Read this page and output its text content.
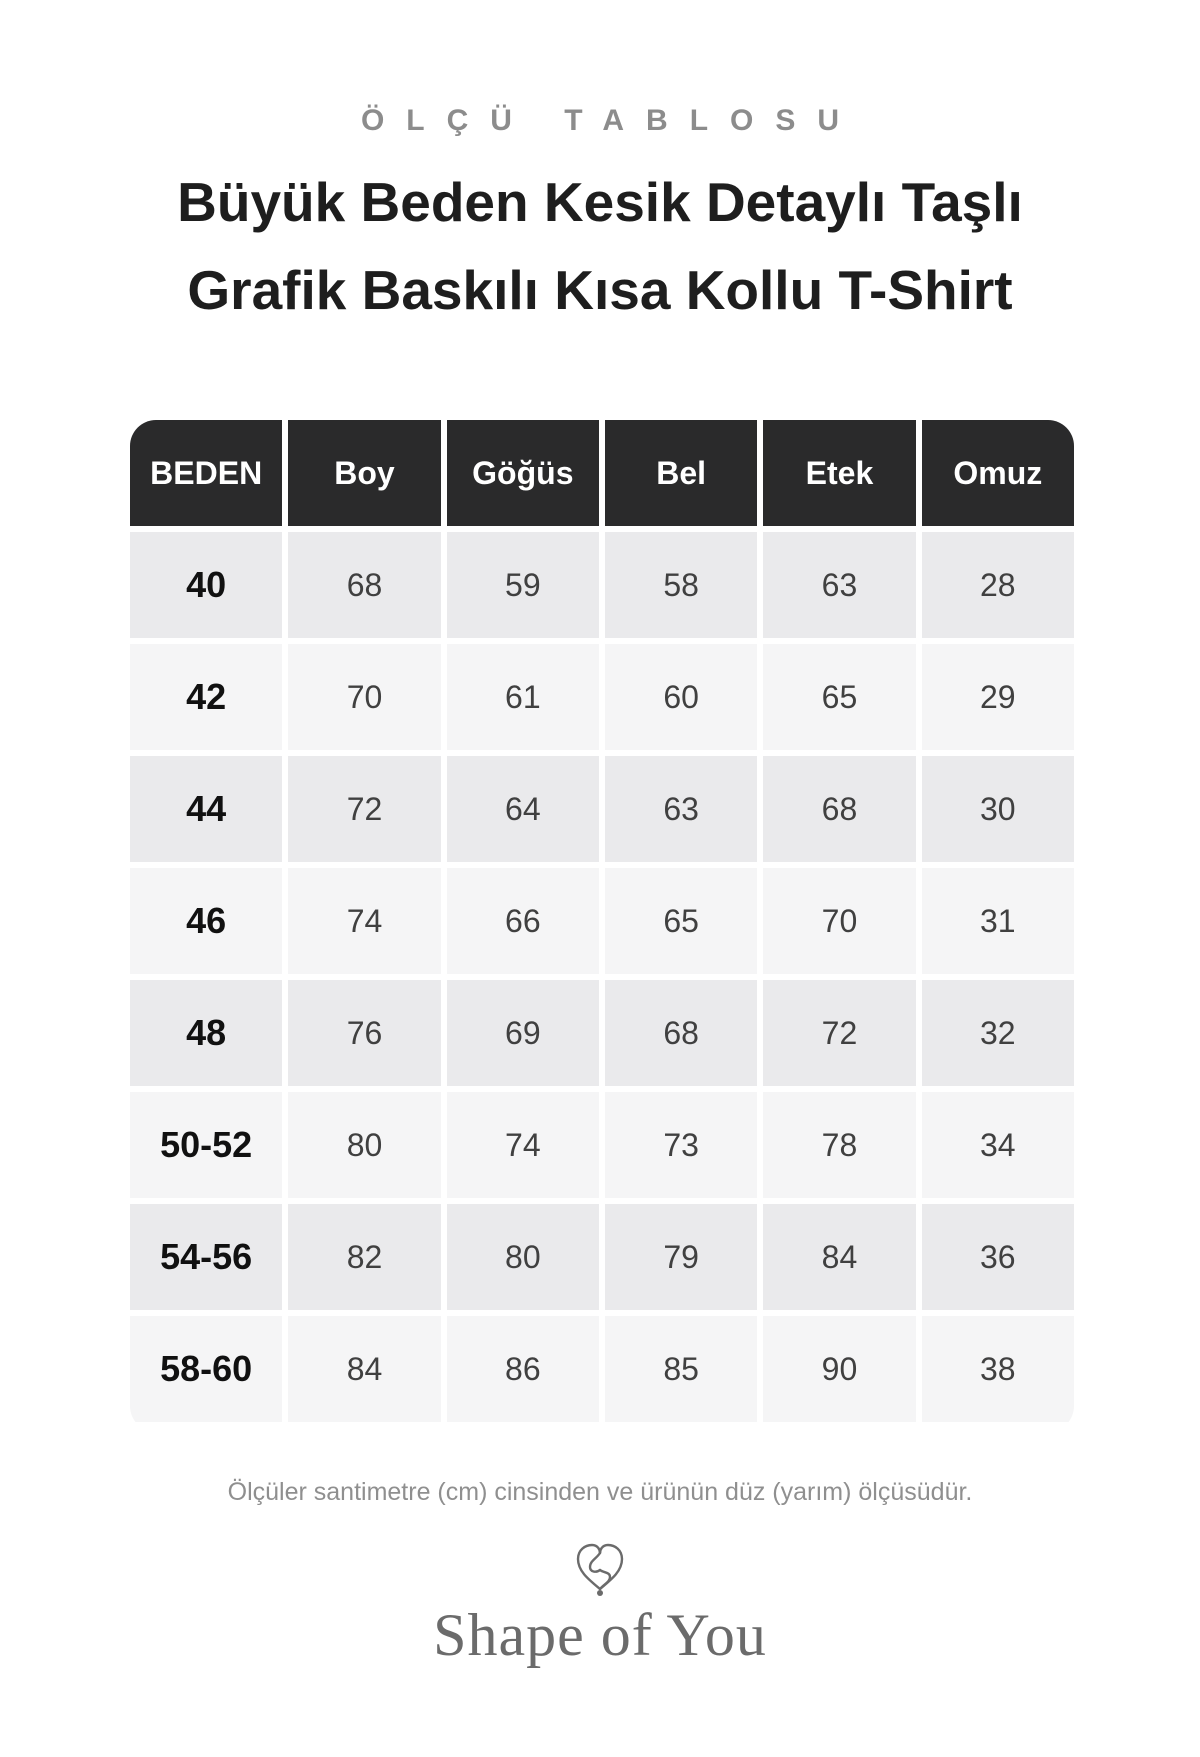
ÖLÇÜ TABLOSU
Büyük Beden Kesik Detaylı Taşlı
Grafik Baskılı Kısa Kollu T-Shirt
BEDEN	Boy	Göğüs	Bel	Etek	Omuz
40	68	59	58	63	28
42	70	61	60	65	29
44	72	64	63	68	30
46	74	66	65	70	31
48	76	69	68	72	32
50-52	80	74	73	78	34
54-56	82	80	79	84	36
58-60	84	86	85	90	38
Ölçüler santimetre (cm) cinsinden ve ürünün düz (yarım) ölçüsüdür.
Shape of You
